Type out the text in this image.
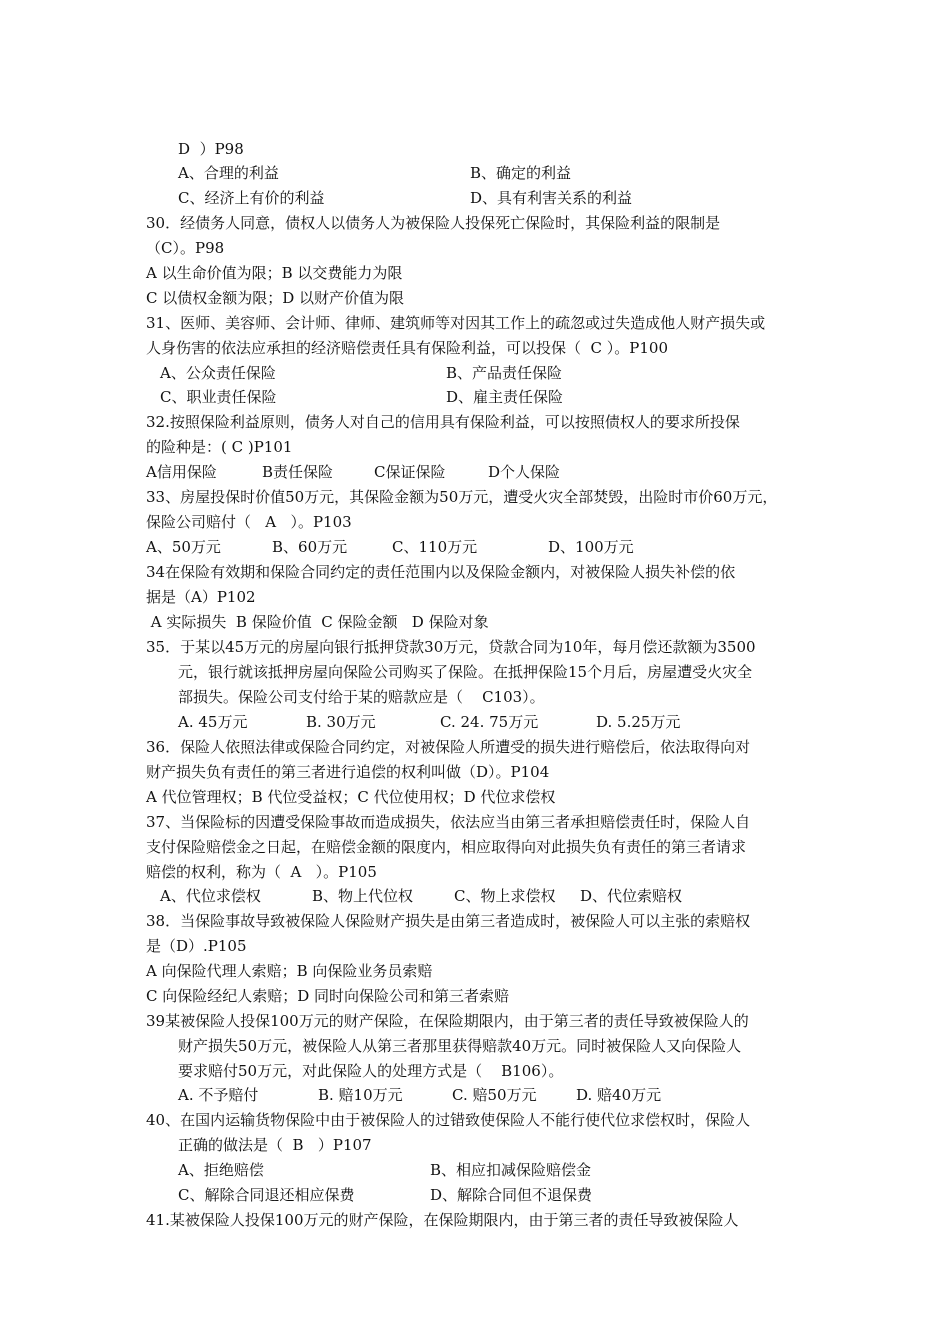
D  ）P98
A、合理的利益	B、确定的利益
C、经济上有价的利益	D、具有利害关系的利益
30．经债务人同意，债权人以债务人为被保险人投保死亡保险时，其保险利益的限制是
（C）。P98
A 以生命价值为限；B 以交费能力为限
C 以债权金额为限；D 以财产价值为限
31、医师、美容师、会计师、律师、建筑师等对因其工作上的疏忽或过失造成他人财产损失或
人身伤害的依法应承担的经济赔偿责任具有保险利益，可以投保（  C ）。P100
A、公众责任保险	B、产品责任保险
C、职业责任保险	D、雇主责任保险
32.按照保险利益原则，债务人对自己的信用具有保险利益，可以按照债权人的要求所投保
的险种是：( C )P101
A信用保险	B责任保险	C保证保险	D个人保险
33、房屋投保时价值50万元，其保险金额为50万元，遭受火灾全部焚毁，出险时市价60万元，
保险公司赔付（   A   ）。P103
A、50万元	B、60万元	C、110万元	D、100万元
34在保险有效期和保险合同约定的责任范围内以及保险金额内，对被保险人损失补偿的依
据是（A）P102
A 实际损失  B 保险价值  C 保险金额   D 保险对象
35．于某以45万元的房屋向银行抵押贷款30万元，贷款合同为10年，每月偿还款额为3500
元，银行就该抵押房屋向保险公司购买了保险。在抵押保险15个月后，房屋遭受火灾全
部损失。保险公司支付给于某的赔款应是（    C103）。
A. 45万元	B. 30万元	C. 24. 75万元	D. 5.25万元
36．保险人依照法律或保险合同约定，对被保险人所遭受的损失进行赔偿后，依法取得向对
财产损失负有责任的第三者进行追偿的权利叫做（D）。P104
A 代位管理权；B 代位受益权；C 代位使用权；D 代位求偿权
37、当保险标的因遭受保险事故而造成损失，依法应当由第三者承担赔偿责任时，保险人自
支付保险赔偿金之日起，在赔偿金额的限度内，相应取得向对此损失负有责任的第三者请求
赔偿的权利，称为（  A   ）。P105
A、代位求偿权	B、物上代位权	C、物上求偿权 D、代位索赔权
38．当保险事故导致被保险人保险财产损失是由第三者造成时，被保险人可以主张的索赔权
是（D）.P105
A 向保险代理人索赔；B 向保险业务员索赔
C 向保险经纪人索赔；D 同时向保险公司和第三者索赔
39某被保险人投保100万元的财产保险，在保险期限内，由于第三者的责任导致被保险人的
财产损失50万元，被保险人从第三者那里获得赔款40万元。同时被保险人又向保险人
要求赔付50万元，对此保险人的处理方式是（    B106）。
A. 不予赔付	B. 赔10万元	C. 赔50万元	D. 赔40万元
40、在国内运输货物保险中由于被保险人的过错致使保险人不能行使代位求偿权时，保险人
正确的做法是（  B   ）P107
A、拒绝赔偿	B、相应扣减保险赔偿金
C、解除合同退还相应保费	D、解除合同但不退保费
41.某被保险人投保100万元的财产保险，在保险期限内，由于第三者的责任导致被保险人
